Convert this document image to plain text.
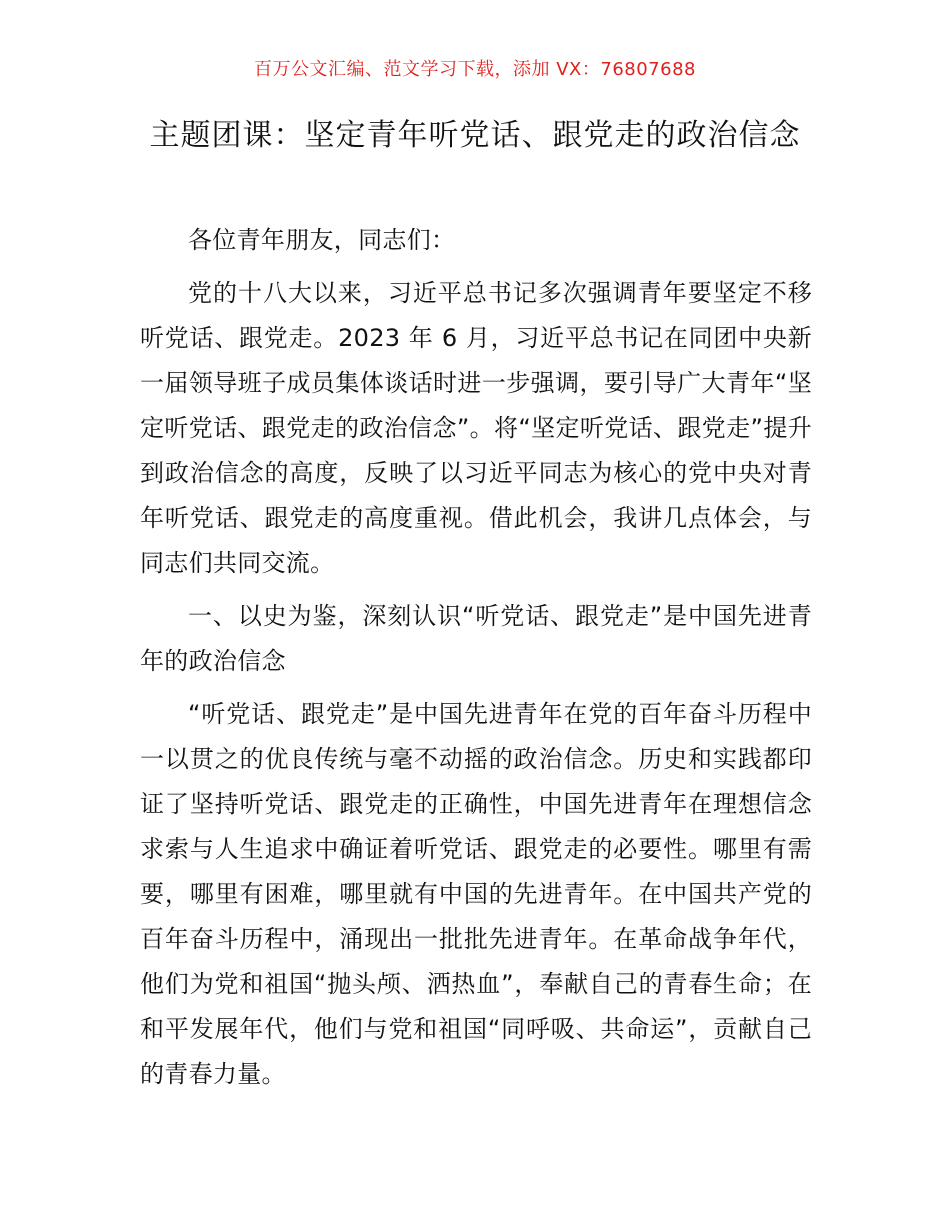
百万公文汇编、范文学习下载，添加 VX：76807688
主题团课：坚定青年听党话、跟党走的政治信念

各位青年朋友，同志们：

党的十八大以来，习近平总书记多次强调青年要坚定不移听党话、跟党走。2023 年 6 月，习近平总书记在同团中央新一届领导班子成员集体谈话时进一步强调，要引导广大青年“坚定听党话、跟党走的政治信念”。将“坚定听党话、跟党走”提升到政治信念的高度，反映了以习近平同志为核心的党中央对青年听党话、跟党走的高度重视。借此机会，我讲几点体会，与同志们共同交流。

一、以史为鉴，深刻认识“听党话、跟党走”是中国先进青年的政治信念

“听党话、跟党走”是中国先进青年在党的百年奋斗历程中一以贯之的优良传统与毫不动摇的政治信念。历史和实践都印证了坚持听党话、跟党走的正确性，中国先进青年在理想信念求索与人生追求中确证着听党话、跟党走的必要性。哪里有需要，哪里有困难，哪里就有中国的先进青年。在中国共产党的百年奋斗历程中，涌现出一批批先进青年。在革命战争年代，他们为党和祖国“抛头颅、洒热血”，奉献自己的青春生命；在和平发展年代，他们与党和祖国“同呼吸、共命运”，贡献自己的青春力量。
